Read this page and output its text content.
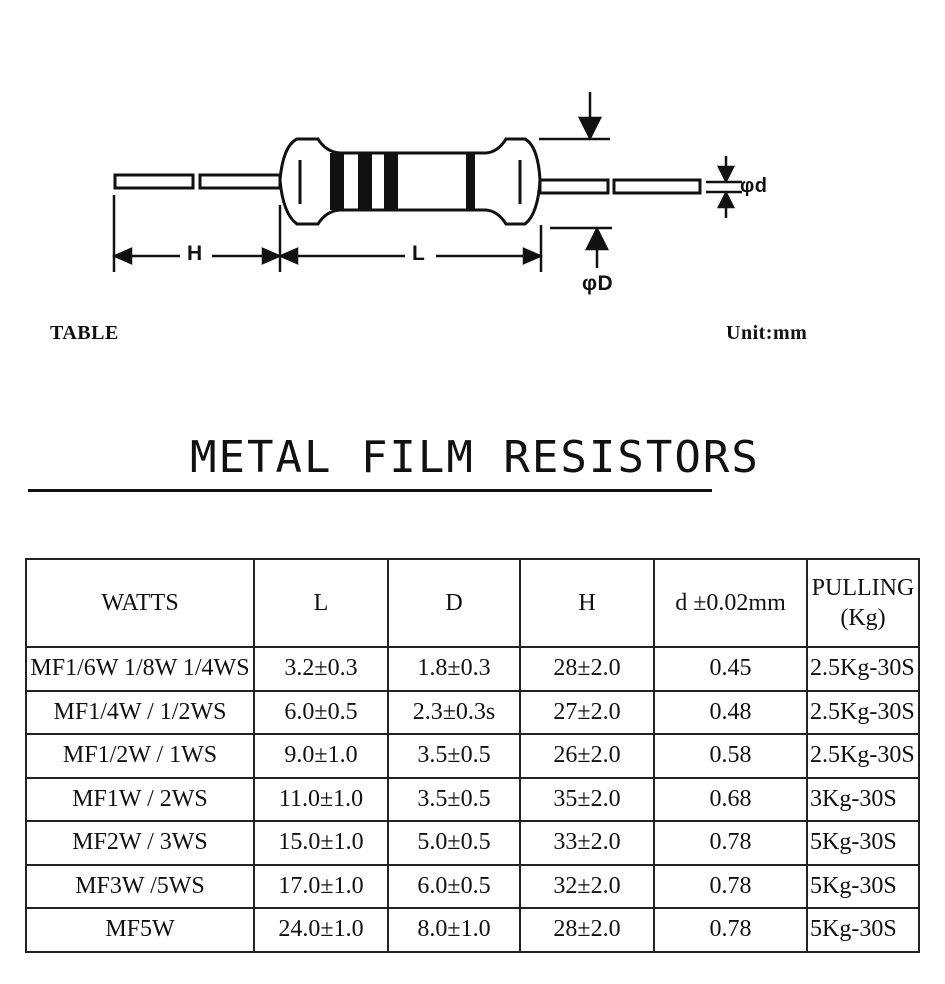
H	L
φd
φD
TABLE	Unit:mm
METAL FILM RESISTORS
WATTS	L	D	H	d ±0.02mm	PULLING
(Kg)

MF1/6W 1/8W 1/4WS	3.2±0.3	1.8±0.3	28±2.0	0.45	2.5Kg-30S
MF1/4W / 1/2WS	6.0±0.5	2.3±0.3s	27±2.0	0.48	2.5Kg-30S
MF1/2W / 1WS	9.0±1.0	3.5±0.5	26±2.0	0.58	2.5Kg-30S
MF1W / 2WS	11.0±1.0	3.5±0.5	35±2.0	0.68	3Kg-30S
MF2W / 3WS	15.0±1.0	5.0±0.5	33±2.0	0.78	5Kg-30S
MF3W /5WS	17.0±1.0	6.0±0.5	32±2.0	0.78	5Kg-30S
MF5W	24.0±1.0	8.0±1.0	28±2.0	0.78	5Kg-30S
